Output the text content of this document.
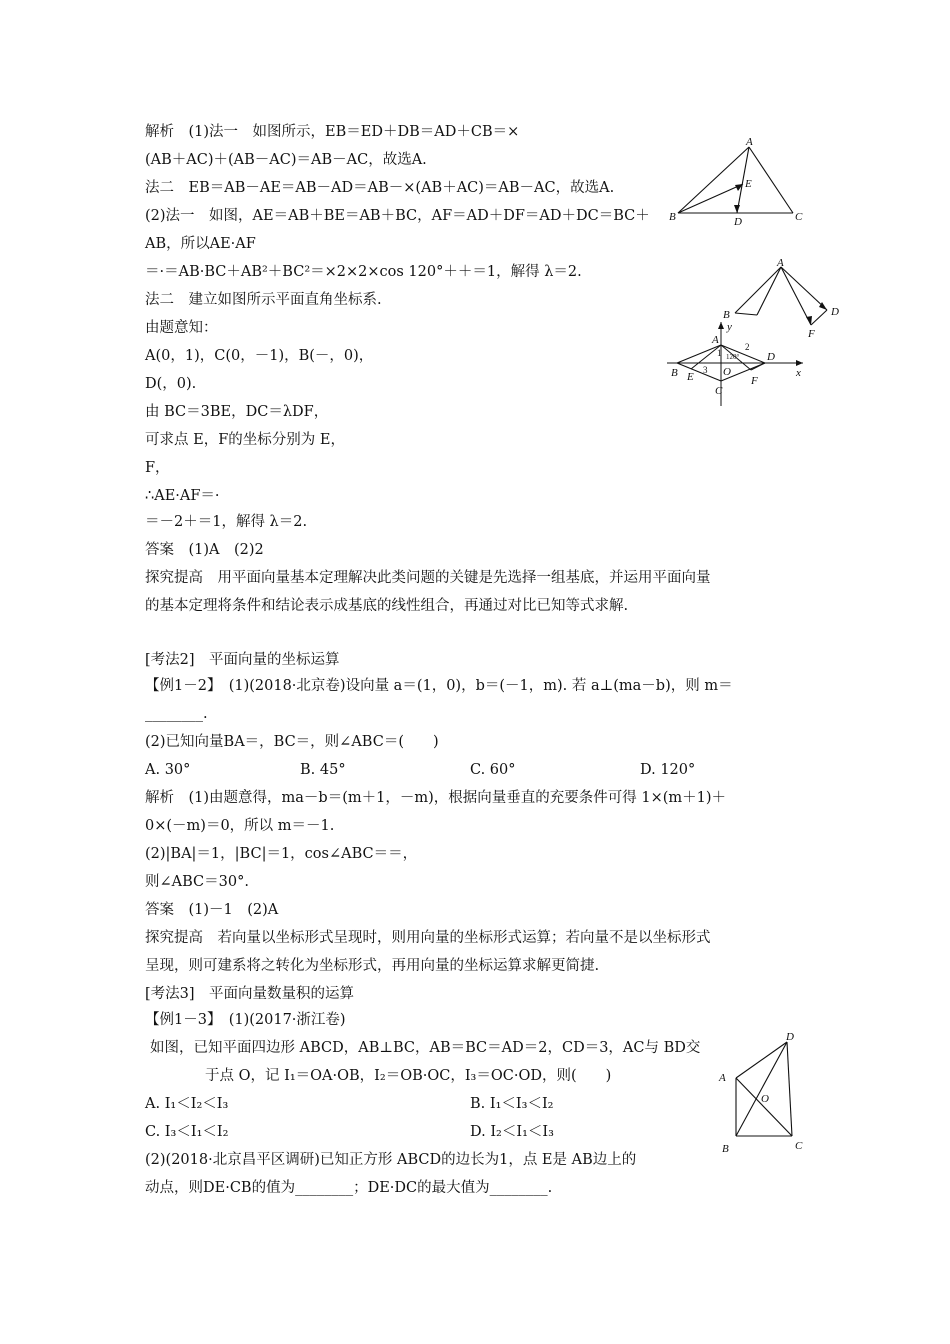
解析　(1)法一　如图所示，EB＝ED＋DB＝AD＋CB＝×
(AB＋AC)＋(AB－AC)＝AB－AC，故选A.
法二　EB＝AB－AE＝AB－AD＝AB－×(AB＋AC)＝AB－AC，故选A.
(2)法一　如图，AE＝AB＋BE＝AB＋BC，AF＝AD＋DF＝AD＋DC＝BC＋
AB，所以AE·AF
＝·＝AB·BC＋AB²＋BC²＝×2×2×cos 120°＋＋＝1，解得 λ＝2.
法二　建立如图所示平面直角坐标系.
由题意知：
A(0，1)，C(0，－1)，B(－，0)，
D(，0).
由 BC＝3BE，DC＝λDF，
可求点 E，F的坐标分别为 E，
F，
∴AE·AF＝·
＝－2＋＝1，解得 λ＝2.
答案　(1)A　(2)2
探究提高　用平面向量基本定理解决此类问题的关键是先选择一组基底，并运用平面向量
的基本定理将条件和结论表示成基底的线性组合，再通过对比已知等式求解.
[考法2]　平面向量的坐标运算
【例1－2】　(1)(2018·北京卷)设向量 a＝(1，0)，b＝(－1，m). 若 a⊥(ma－b)，则 m＝
________.
(2)已知向量BA＝，BC＝，则∠ABC＝(　　)
A. 30°	B. 45°	C. 60°	D. 120°
解析　(1)由题意得，ma－b＝(m＋1，－m)，根据向量垂直的充要条件可得 1×(m＋1)＋
0×(－m)＝0，所以 m＝－1.
(2)|BA|＝1，|BC|＝1，cos∠ABC＝＝，
则∠ABC＝30°.
答案　(1)－1　(2)A
探究提高　若向量以坐标形式呈现时，则用向量的坐标形式运算；若向量不是以坐标形式
呈现，则可建系将之转化为坐标形式，再用向量的坐标运算求解更简捷.
[考法3]　平面向量数量积的运算
【例1－3】　(1)(2017·浙江卷)
如图，已知平面四边形 ABCD，AB⊥BC，AB＝BC＝AD＝2，CD＝3，AC与 BD交
于点 O，记 I₁＝OA·OB，I₂＝OB·OC，I₃＝OC·OD，则(　　)
A. I₁＜I₂＜I₃	B. I₁＜I₃＜I₂
C. I₃＜I₁＜I₂	D. I₂＜I₁＜I₃
(2)(2018·北京昌平区调研)已知正方形 ABCD的边长为1，点 E是 AB边上的
动点，则DE·CB的值为________；DE·DC的最大值为________.
A
B	C
D
E
A
B	D
F
y
x
A
B
C
D
E	F
O
1
2
3
120°
A
B	C
D
O
